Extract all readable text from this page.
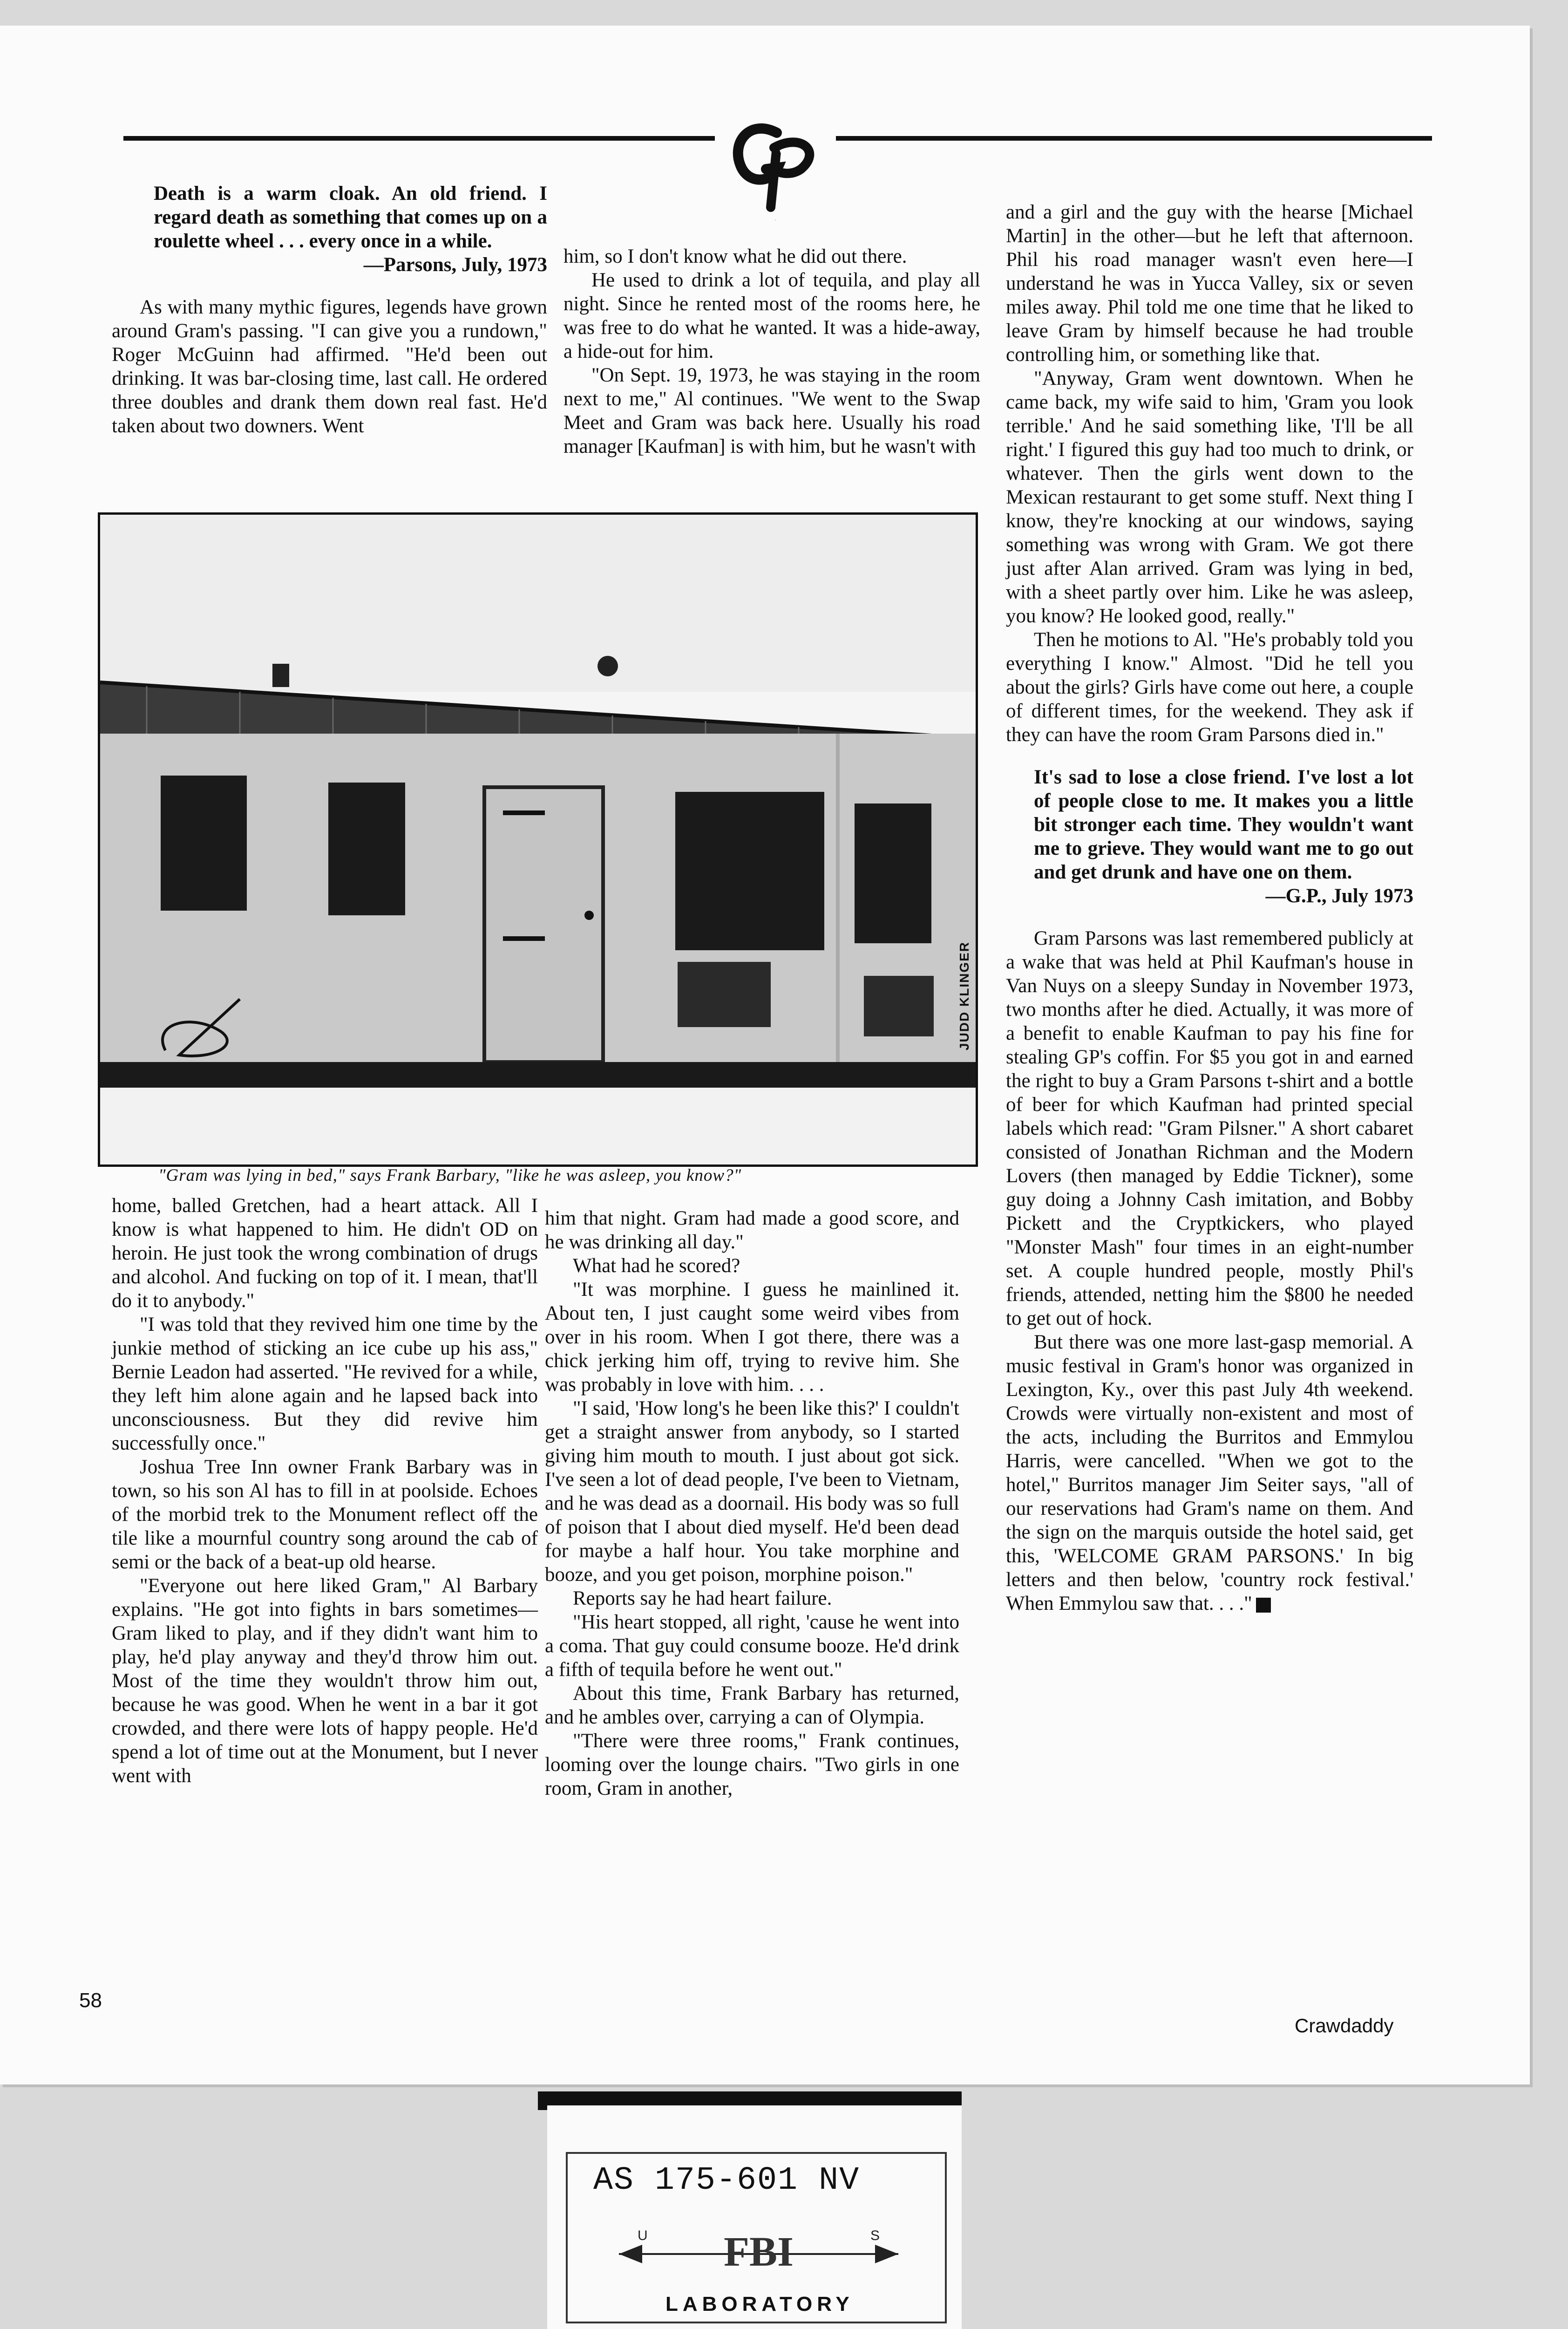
GP

Death is a warm cloak. An old friend. I regard death as something that comes up on a roulette wheel . . . every once in a while.

—Parsons, July, 1973

As with many mythic figures, legends have grown around Gram's passing. "I can give you a rundown," Roger McGuinn had affirmed. "He'd been out drinking. It was bar-closing time, last call. He ordered three doubles and drank them down real fast. He'd taken about two downers. Went

him, so I don't know what he did out there.

He used to drink a lot of tequila, and play all night. Since he rented most of the rooms here, he was free to do what he wanted. It was a hide-away, a hide-out for him.

"On Sept. 19, 1973, he was staying in the room next to me," Al continues. "We went to the Swap Meet and Gram was back here. Usually his road manager [Kaufman] is with him, but he wasn't with

JUDD KLINGER
"Gram was lying in bed," says Frank Barbary, "like he was asleep, you know?"

home, balled Gretchen, had a heart attack. All I know is what happened to him. He didn't OD on heroin. He just took the wrong combination of drugs and alcohol. And fucking on top of it. I mean, that'll do it to anybody."

"I was told that they revived him one time by the junkie method of sticking an ice cube up his ass," Bernie Leadon had asserted. "He revived for a while, they left him alone again and he lapsed back into unconsciousness. But they did revive him successfully once."

Joshua Tree Inn owner Frank Barbary was in town, so his son Al has to fill in at poolside. Echoes of the morbid trek to the Monument reflect off the tile like a mournful country song around the cab of semi or the back of a beat-up old hearse.

"Everyone out here liked Gram," Al Barbary explains. "He got into fights in bars sometimes—Gram liked to play, and if they didn't want him to play, he'd play anyway and they'd throw him out. Most of the time they wouldn't throw him out, because he was good. When he went in a bar it got crowded, and there were lots of happy people. He'd spend a lot of time out at the Monument, but I never went with

him that night. Gram had made a good score, and he was drinking all day."

What had he scored?

"It was morphine. I guess he mainlined it. About ten, I just caught some weird vibes from over in his room. When I got there, there was a chick jerking him off, trying to revive him. She was probably in love with him. . . .

"I said, 'How long's he been like this?' I couldn't get a straight answer from anybody, so I started giving him mouth to mouth. I just about got sick. I've seen a lot of dead people, I've been to Vietnam, and he was dead as a doornail. His body was so full of poison that I about died myself. He'd been dead for maybe a half hour. You take morphine and booze, and you get poison, morphine poison."

Reports say he had heart failure.

"His heart stopped, all right, 'cause he went into a coma. That guy could consume booze. He'd drink a fifth of tequila before he went out."

About this time, Frank Barbary has returned, and he ambles over, carrying a can of Olympia.

"There were three rooms," Frank continues, looming over the lounge chairs. "Two girls in one room, Gram in another,

and a girl and the guy with the hearse [Michael Martin] in the other—but he left that afternoon. Phil his road manager wasn't even here—I understand he was in Yucca Valley, six or seven miles away. Phil told me one time that he liked to leave Gram by himself because he had trouble controlling him, or something like that.

"Anyway, Gram went downtown. When he came back, my wife said to him, 'Gram you look terrible.' And he said something like, 'I'll be all right.' I figured this guy had too much to drink, or whatever. Then the girls went down to the Mexican restaurant to get some stuff. Next thing I know, they're knocking at our windows, saying something was wrong with Gram. We got there just after Alan arrived. Gram was lying in bed, with a sheet partly over him. Like he was asleep, you know? He looked good, really."

Then he motions to Al. "He's probably told you everything I know." Almost. "Did he tell you about the girls? Girls have come out here, a couple of different times, for the weekend. They ask if they can have the room Gram Parsons died in."

It's sad to lose a close friend. I've lost a lot of people close to me. It makes you a little bit stronger each time. They wouldn't want me to grieve. They would want me to go out and get drunk and have one on them.

—G.P., July 1973

Gram Parsons was last remembered publicly at a wake that was held at Phil Kaufman's house in Van Nuys on a sleepy Sunday in November 1973, two months after he died. Actually, it was more of a benefit to enable Kaufman to pay his fine for stealing GP's coffin. For $5 you got in and earned the right to buy a Gram Parsons t-shirt and a bottle of beer for which Kaufman had printed special labels which read: "Gram Pilsner." A short cabaret consisted of Jonathan Richman and the Modern Lovers (then managed by Eddie Tickner), some guy doing a Johnny Cash imitation, and Bobby Pickett and the Cryptkickers, who played "Monster Mash" four times in an eight-number set. A couple hundred people, mostly Phil's friends, attended, netting him the $800 he needed to get out of hock.

But there was one more last-gasp memorial. A music festival in Gram's honor was organized in Lexington, Ky., over this past July 4th weekend. Crowds were virtually non-existent and most of the acts, including the Burritos and Emmylou Harris, were cancelled. "When we got to the hotel," Burritos manager Jim Seiter says, "all of our reservations had Gram's name on them. And the sign on the marquis outside the hotel said, get this, 'WELCOME GRAM PARSONS.' In big letters and then below, 'country rock festival.' When Emmylou saw that. . . ."

58
Crawdaddy
AS 175-601 NV
FBI
U	S
LABORATORY
